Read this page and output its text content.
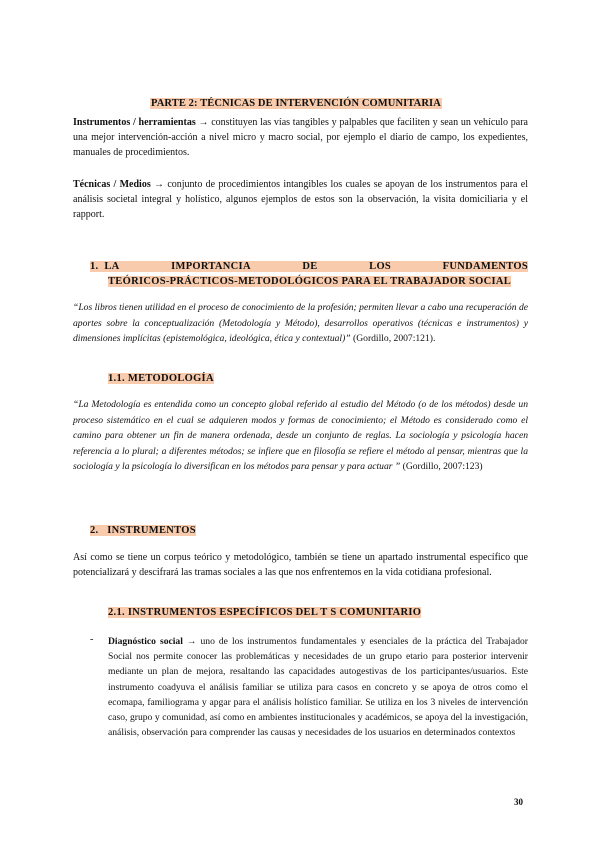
PARTE 2: TÉCNICAS DE INTERVENCIÓN COMUNITARIA

Instrumentos / herramientas → constituyen las vías tangibles y palpables que faciliten y sean un vehículo para una mejor intervención-acción a nivel micro y macro social, por ejemplo el diario de campo, los expedientes, manuales de procedimientos.

Técnicas / Medios → conjunto de procedimientos intangibles los cuales se apoyan de los instrumentos para el análisis societal integral y holístico, algunos ejemplos de estos son la observación, la visita domiciliaria y el rapport.

1. LA	IMPORTANCIA	DE	LOS	FUNDAMENTOS
TEÓRICOS-PRÁCTICOS-METODOLÓGICOS PARA EL TRABAJADOR SOCIAL

“Los libros tienen utilidad en el proceso de conocimiento de la profesión; permiten llevar a cabo una recuperación de aportes sobre la conceptualización (Metodología y Método), desarrollos operativos (técnicas e instrumentos) y dimensiones implícitas (epistemológica, ideológica, ética y contextual)” (Gordillo, 2007:121).

1.1. METODOLOGÍA

“La Metodología es entendida como un concepto global referido al estudio del Método (o de los métodos) desde un proceso sistemático en el cual se adquieren modos y formas de conocimiento; el Método es considerado como el camino para obtener un fin de manera ordenada, desde un conjunto de reglas. La sociología y psicología hacen referencia a lo plural; a diferentes métodos; se infiere que en filosofía se refiere el método al pensar, mientras que la sociología y la psicología lo diversifican en los métodos para pensar y para actuar ” (Gordillo, 2007:123)

2.   INSTRUMENTOS

Así como se tiene un corpus teórico y metodológico, también se tiene un apartado instrumental específico que potencializará y descifrará las tramas sociales a las que nos enfrentemos en la vida cotidiana profesional.

2.1. INSTRUMENTOS ESPECÍFICOS DEL T S COMUNITARIO
- Diagnóstico social → uno de los instrumentos fundamentales y esenciales de la práctica del Trabajador Social nos permite conocer las problemáticas y necesidades de un grupo etario para posterior intervenir mediante un plan de mejora, resaltando las capacidades autogestivas de los participantes/usuarios. Este instrumento coadyuva el análisis familiar se utiliza para casos en concreto y se apoya de otros como el ecomapa, familiograma y apgar para el análisis holístico familiar. Se utiliza en los 3 niveles de intervención caso, grupo y comunidad, así como en ambientes institucionales y académicos, se apoya del la investigación, análisis, observación para comprender las causas y necesidades de los usuarios en determinados contextos

30
